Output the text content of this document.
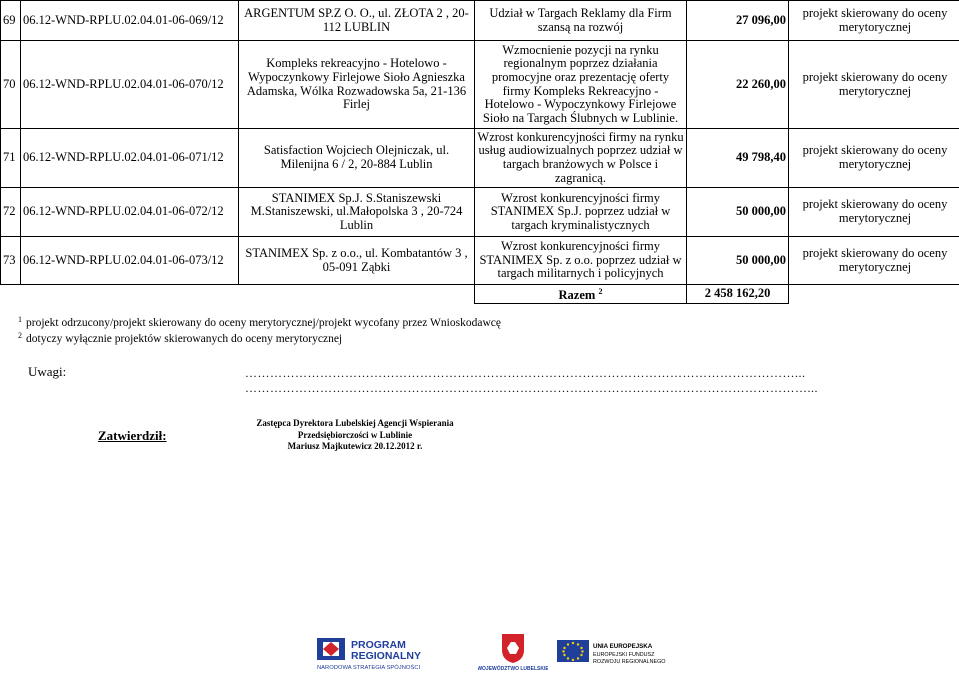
69	06.12-WND-RPLU.02.04.01-06-069/12	ARGENTUM SP.Z O. O., ul. ZŁOTA 2 , 20-112 LUBLIN	Udział w Targach Reklamy dla Firm szansą na rozwój	27 096,00	projekt skierowany do oceny merytorycznej
70	06.12-WND-RPLU.02.04.01-06-070/12	Kompleks rekreacyjno - Hotelowo - Wypoczynkowy Firlejowe Sioło Agnieszka Adamska, Wólka Rozwadowska 5a, 21-136 Firlej	Wzmocnienie pozycji na rynku regionalnym poprzez działania promocyjne oraz prezentację oferty firmy Kompleks Rekreacyjno - Hotelowo - Wypoczynkowy Firlejowe Sioło na Targach Ślubnych w Lublinie.	22 260,00	projekt skierowany do oceny merytorycznej
71	06.12-WND-RPLU.02.04.01-06-071/12	Satisfaction Wojciech Olejniczak, ul. Milenijna 6 / 2, 20-884 Lublin	Wzrost konkurencyjności firmy na rynku usług audiowizualnych poprzez udział w targach branżowych w Polsce i zagranicą.	49 798,40	projekt skierowany do oceny merytorycznej
72	06.12-WND-RPLU.02.04.01-06-072/12	STANIMEX Sp.J. S.Staniszewski M.Staniszewski, ul.Małopolska 3 , 20-724 Lublin	Wzrost konkurencyjności firmy STANIMEX Sp.J. poprzez udział w targach kryminalistycznych	50 000,00	projekt skierowany do oceny merytorycznej
73	06.12-WND-RPLU.02.04.01-06-073/12	STANIMEX Sp. z o.o., ul. Kombatantów 3 , 05-091 Ząbki	Wzrost konkurencyjności firmy STANIMEX Sp. z o.o. poprzez udział w targach militarnych i policyjnych	50 000,00	projekt skierowany do oceny merytorycznej
			Razem $^2$	2 458 162,20	
$^1$ projekt odrzucony/projekt skierowany do oceny merytorycznej/projekt wycofany przez Wnioskodawcę
$^2$ dotyczy wyłącznie projektów skierowanych do oceny merytorycznej
Uwagi:	……………………………………………………………………………………………………………………...
………………………………………………………………………………………………………………………...
Zatwierdził:
Zastępca Dyrektora Lubelskiej Agencji Wspierania
Przedsiębiorczości w Lublinie
Mariusz Majkutewicz 20.12.2012 r.
PROGRAM
REGIONALNY
NARODOWA STRATEGIA SPÓJNOŚCI	WOJEWÓDZTWO LUBELSKIE
UNIA EUROPEJSKA
EUROPEJSKI FUNDUSZ
ROZWOJU REGIONALNEGO
